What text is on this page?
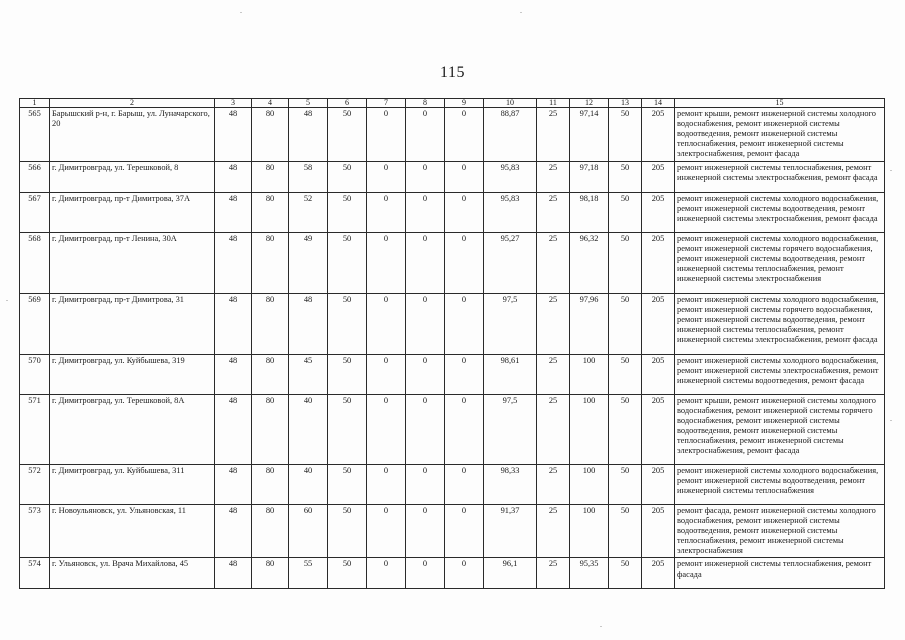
115
1	2	3	4	5	6	7	8	9	10	11	12	13	14	15
565	Барышский р-н, г. Барыш, ул. Луначарского, 20	48	80	48	50	0	0	0	88,87	25	97,14	50	205	ремонт крыши, ремонт инженерной системы холодного водоснабжения, ремонт инженерной системы водоотведения, ремонт инженерной системы теплоснабжения, ремонт инженерной системы электроснабжения, ремонт фасада
566	г. Димитровград, ул. Терешковой, 8	48	80	58	50	0	0	0	95,83	25	97,18	50	205	ремонт инженерной системы теплоснабжения, ремонт инженерной системы электроснабжения, ремонт фасада
567	г. Димитровград, пр-т Димитрова, 37А	48	80	52	50	0	0	0	95,83	25	98,18	50	205	ремонт инженерной системы холодного водоснабжения, ремонт инженерной системы водоотведения, ремонт инженерной системы электроснабжения, ремонт фасада
568	г. Димитровград, пр-т Ленина, 30А	48	80	49	50	0	0	0	95,27	25	96,32	50	205	ремонт инженерной системы холодного водоснабжения, ремонт инженерной системы горячего водоснабжения, ремонт инженерной системы водоотведения, ремонт инженерной системы теплоснабжения, ремонт инженерной системы электроснабжения
569	г. Димитровград, пр-т Димитрова, 31	48	80	48	50	0	0	0	97,5	25	97,96	50	205	ремонт инженерной системы холодного водоснабжения, ремонт инженерной системы горячего водоснабжения, ремонт инженерной системы водоотведения, ремонт инженерной системы теплоснабжения, ремонт инженерной системы электроснабжения, ремонт фасада
570	г. Димитровград, ул. Куйбышева, 319	48	80	45	50	0	0	0	98,61	25	100	50	205	ремонт инженерной системы холодного водоснабжения, ремонт инженерной системы электроснабжения, ремонт инженерной системы водоотведения, ремонт фасада
571	г. Димитровград, ул. Терешковой, 8А	48	80	40	50	0	0	0	97,5	25	100	50	205	ремонт крыши, ремонт инженерной системы холодного водоснабжения, ремонт инженерной системы горячего водоснабжения, ремонт инженерной системы водоотведения, ремонт инженерной системы теплоснабжения, ремонт инженерной системы электроснабжения, ремонт фасада
572	г. Димитровград, ул. Куйбышева, 311	48	80	40	50	0	0	0	98,33	25	100	50	205	ремонт инженерной системы холодного водоснабжения, ремонт инженерной системы водоотведения, ремонт инженерной системы теплоснабжения
573	г. Новоульяновск, ул. Ульяновская, 11	48	80	60	50	0	0	0	91,37	25	100	50	205	ремонт фасада, ремонт инженерной системы холодного водоснабжения, ремонт инженерной системы водоотведения, ремонт инженерной системы теплоснабжения, ремонт инженерной системы электроснабжения
574	г. Ульяновск, ул. Врача Михайлова, 45	48	80	55	50	0	0	0	96,1	25	95,35	50	205	ремонт инженерной системы теплоснабжения, ремонт фасада
